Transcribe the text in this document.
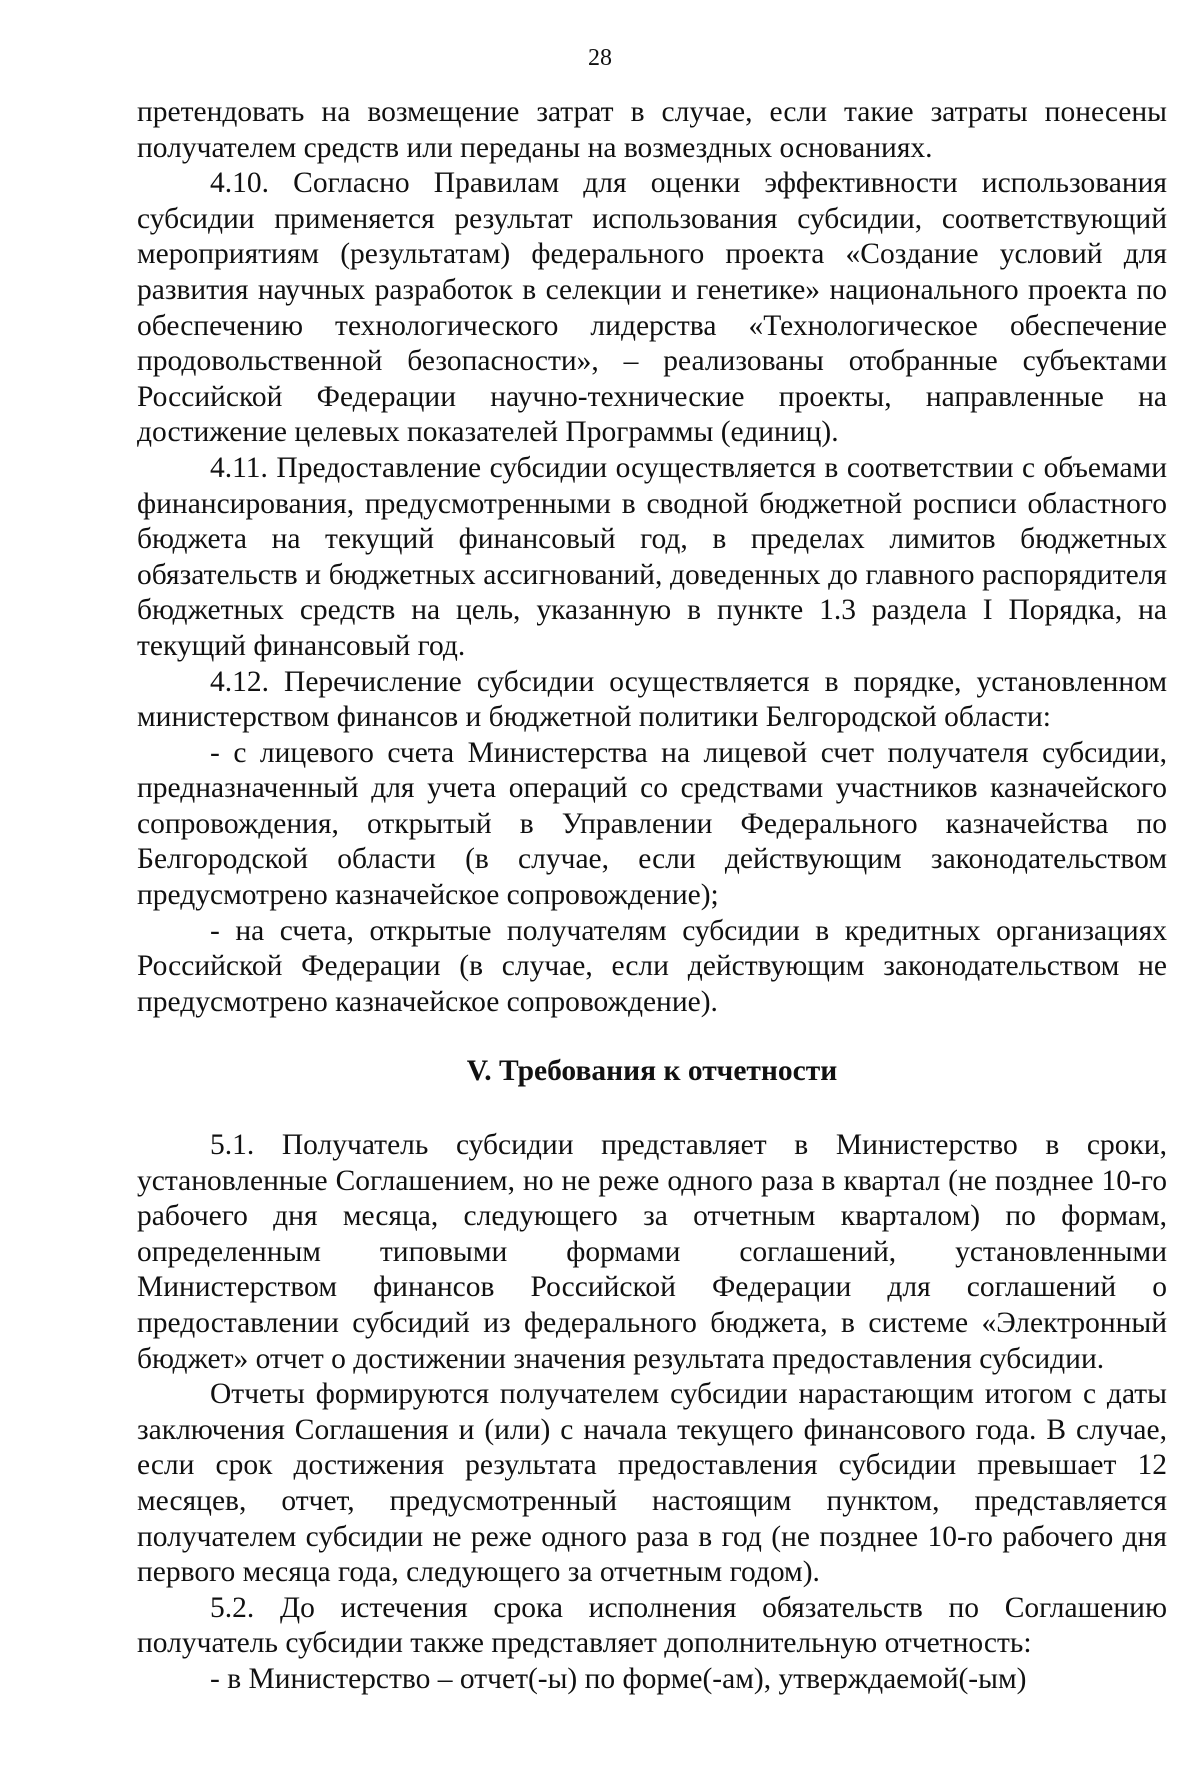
28

претендовать на возмещение затрат в случае, если такие затраты понесены получателем средств или переданы на возмездных основаниях.

4.10. Согласно Правилам для оценки эффективности использования субсидии применяется результат использования субсидии, соответствующий мероприятиям (результатам) федерального проекта «Создание условий для развития научных разработок в селекции и генетике» национального проекта по обеспечению технологического лидерства «Технологическое обеспечение продовольственной безопасности», – реализованы отобранные субъектами Российской Федерации научно-технические проекты, направленные на достижение целевых показателей Программы (единиц).

4.11. Предоставление субсидии осуществляется в соответствии с объемами финансирования, предусмотренными в сводной бюджетной росписи областного бюджета на текущий финансовый год, в пределах лимитов бюджетных обязательств и бюджетных ассигнований, доведенных до главного распорядителя бюджетных средств на цель, указанную в пункте 1.3 раздела I Порядка, на текущий финансовый год.

4.12. Перечисление субсидии осуществляется в порядке, установленном министерством финансов и бюджетной политики Белгородской области:

- с лицевого счета Министерства на лицевой счет получателя субсидии, предназначенный для учета операций со средствами участников казначейского сопровождения, открытый в Управлении Федерального казначейства по Белгородской области (в случае, если действующим законодательством предусмотрено казначейское сопровождение);

- на счета, открытые получателям субсидии в кредитных организациях Российской Федерации (в случае, если действующим законодательством не предусмотрено казначейское сопровождение).

V. Требования к отчетности

5.1. Получатель субсидии представляет в Министерство в сроки, установленные Соглашением, но не реже одного раза в квартал (не позднее 10-го рабочего дня месяца, следующего за отчетным кварталом) по формам, определенным типовыми формами соглашений, установленными Министерством финансов Российской Федерации для соглашений о предоставлении субсидий из федерального бюджета, в системе «Электронный бюджет» отчет о достижении значения результата предоставления субсидии.

Отчеты формируются получателем субсидии нарастающим итогом с даты заключения Соглашения и (или) с начала текущего финансового года. В случае, если срок достижения результата предоставления субсидии превышает 12 месяцев, отчет, предусмотренный настоящим пунктом, представляется получателем субсидии не реже одного раза в год (не позднее 10-го рабочего дня первого месяца года, следующего за отчетным годом).

5.2. До истечения срока исполнения обязательств по Соглашению получатель субсидии также представляет дополнительную отчетность:

- в Министерство – отчет(-ы) по форме(-ам), утверждаемой(-ым)
